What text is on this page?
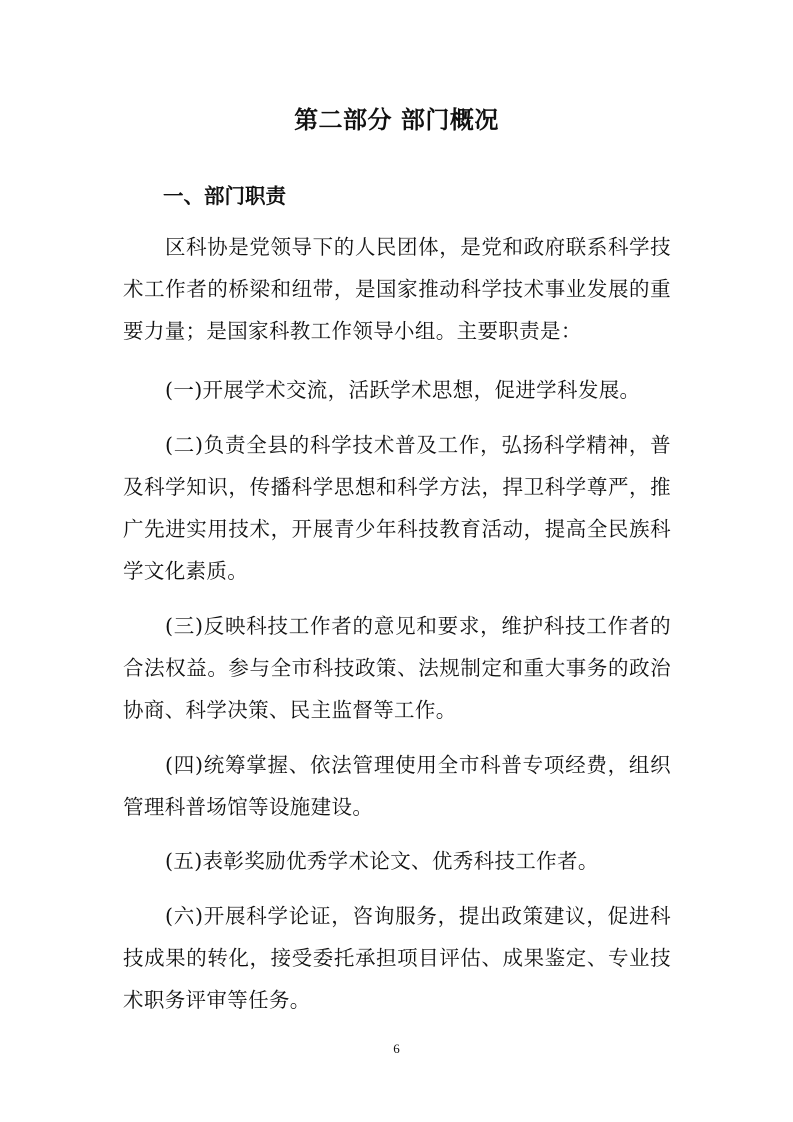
第二部分 部门概况
一、部门职责

区科协是党领导下的人民团体，是党和政府联系科学技术工作者的桥梁和纽带，是国家推动科学技术事业发展的重要力量；是国家科教工作领导小组。主要职责是：

(一)开展学术交流，活跃学术思想，促进学科发展。

(二)负责全县的科学技术普及工作，弘扬科学精神，普及科学知识，传播科学思想和科学方法，捍卫科学尊严，推广先进实用技术，开展青少年科技教育活动，提高全民族科学文化素质。

(三)反映科技工作者的意见和要求，维护科技工作者的合法权益。参与全市科技政策、法规制定和重大事务的政治协商、科学决策、民主监督等工作。

(四)统筹掌握、依法管理使用全市科普专项经费，组织管理科普场馆等设施建设。

(五)表彰奖励优秀学术论文、优秀科技工作者。

(六)开展科学论证，咨询服务，提出政策建议，促进科技成果的转化，接受委托承担项目评估、成果鉴定、专业技术职务评审等任务。

6
